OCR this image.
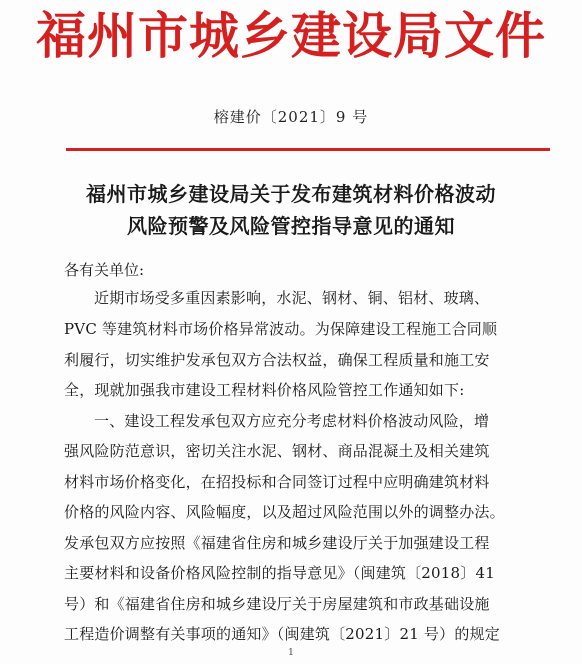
福州市城乡建设局文件
榕建价〔2021〕9 号
福州市城乡建设局关于发布建筑材料价格波动
风险预警及风险管控指导意见的通知
各有关单位:
近期市场受多重因素影响，水泥、钢材、铜、铝材、玻璃、
PVC 等建筑材料市场价格异常波动。为保障建设工程施工合同顺
利履行，切实维护发承包双方合法权益，确保工程质量和施工安
全，现就加强我市建设工程材料价格风险管控工作通知如下:
一、建设工程发承包双方应充分考虑材料价格波动风险，增
强风险防范意识，密切关注水泥、钢材、商品混凝土及相关建筑
材料市场价格变化，在招投标和合同签订过程中应明确建筑材料
价格的风险内容、风险幅度，以及超过风险范围以外的调整办法。
发承包双方应按照《福建省住房和城乡建设厅关于加强建设工程
主要材料和设备价格风险控制的指导意见》（闽建筑〔2018〕41
号）和《福建省住房和城乡建设厅关于房屋建筑和市政基础设施
工程造价调整有关事项的通知》（闽建筑〔2021〕21 号）的规定
1
